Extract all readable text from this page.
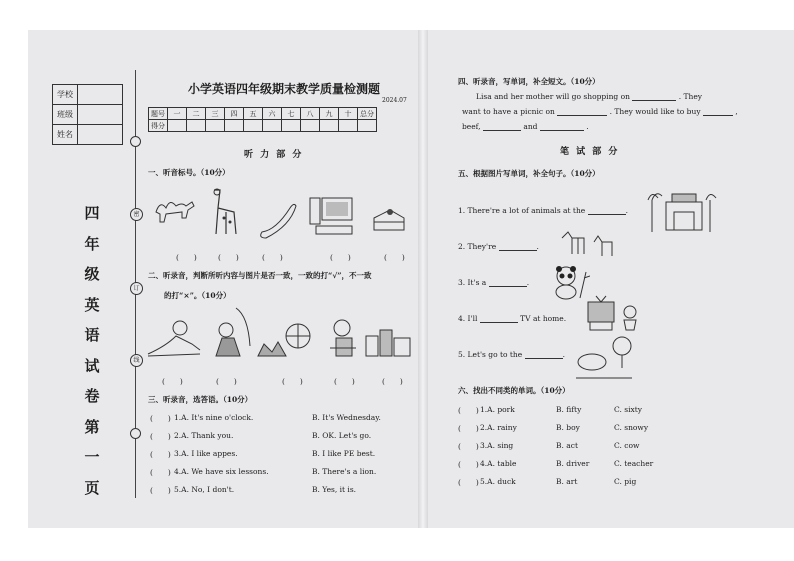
学校	
班级	
姓名	
四
年
级
英
语
试
卷
第
一
页
密
订
线
小学英语四年级期末教学质量检测题
2024.07
题号	一	二	三	四	五	六	七	八	九	十	总分
得分											
听 力 部 分
一、听音标号。（10分）
(　　)	(　　)	(　　)	(　　)	(　　)
二、听录音，判断所听内容与图片是否一致，一致的打“√”，不一致
的打“×”。（10分）
(　　)	(　　)	(　　)	(　　)	(　　)
三、听录音，选答语。（10分）
(　　) 1.A. It's nine o'clock.	B. It's Wednesday.
(　　) 2.A. Thank you.	B. OK. Let's go.
(　　) 3.A. I like appes.	B. I like PE best.
(　　) 4.A. We have six lessons.	B. There's a lion.
(　　) 5.A. No, I don't.	B. Yes, it is.
四、听录音，写单词，补全短文。（10分）
Lisa and her mother will go shopping on	. They
want to have a picnic on	. They would like to buy	,
beef,	and	.
笔 试 部 分
五、根据图片写单词，补全句子。（10分）
1. There're a lot of animals at the	.
2. They're	.
3. It's a	.
4. I'll	TV at home.
5. Let's go to the	.
六、找出不同类的单词。（10分）
(　　) 1.A. pork	B. fifty	C. sixty
(　　) 2.A. rainy	B. boy	C. snowy
(　　) 3.A. sing	B. act	C. cow
(　　) 4.A. table	B. driver	C. teacher
(　　) 5.A. duck	B. art	C. pig
